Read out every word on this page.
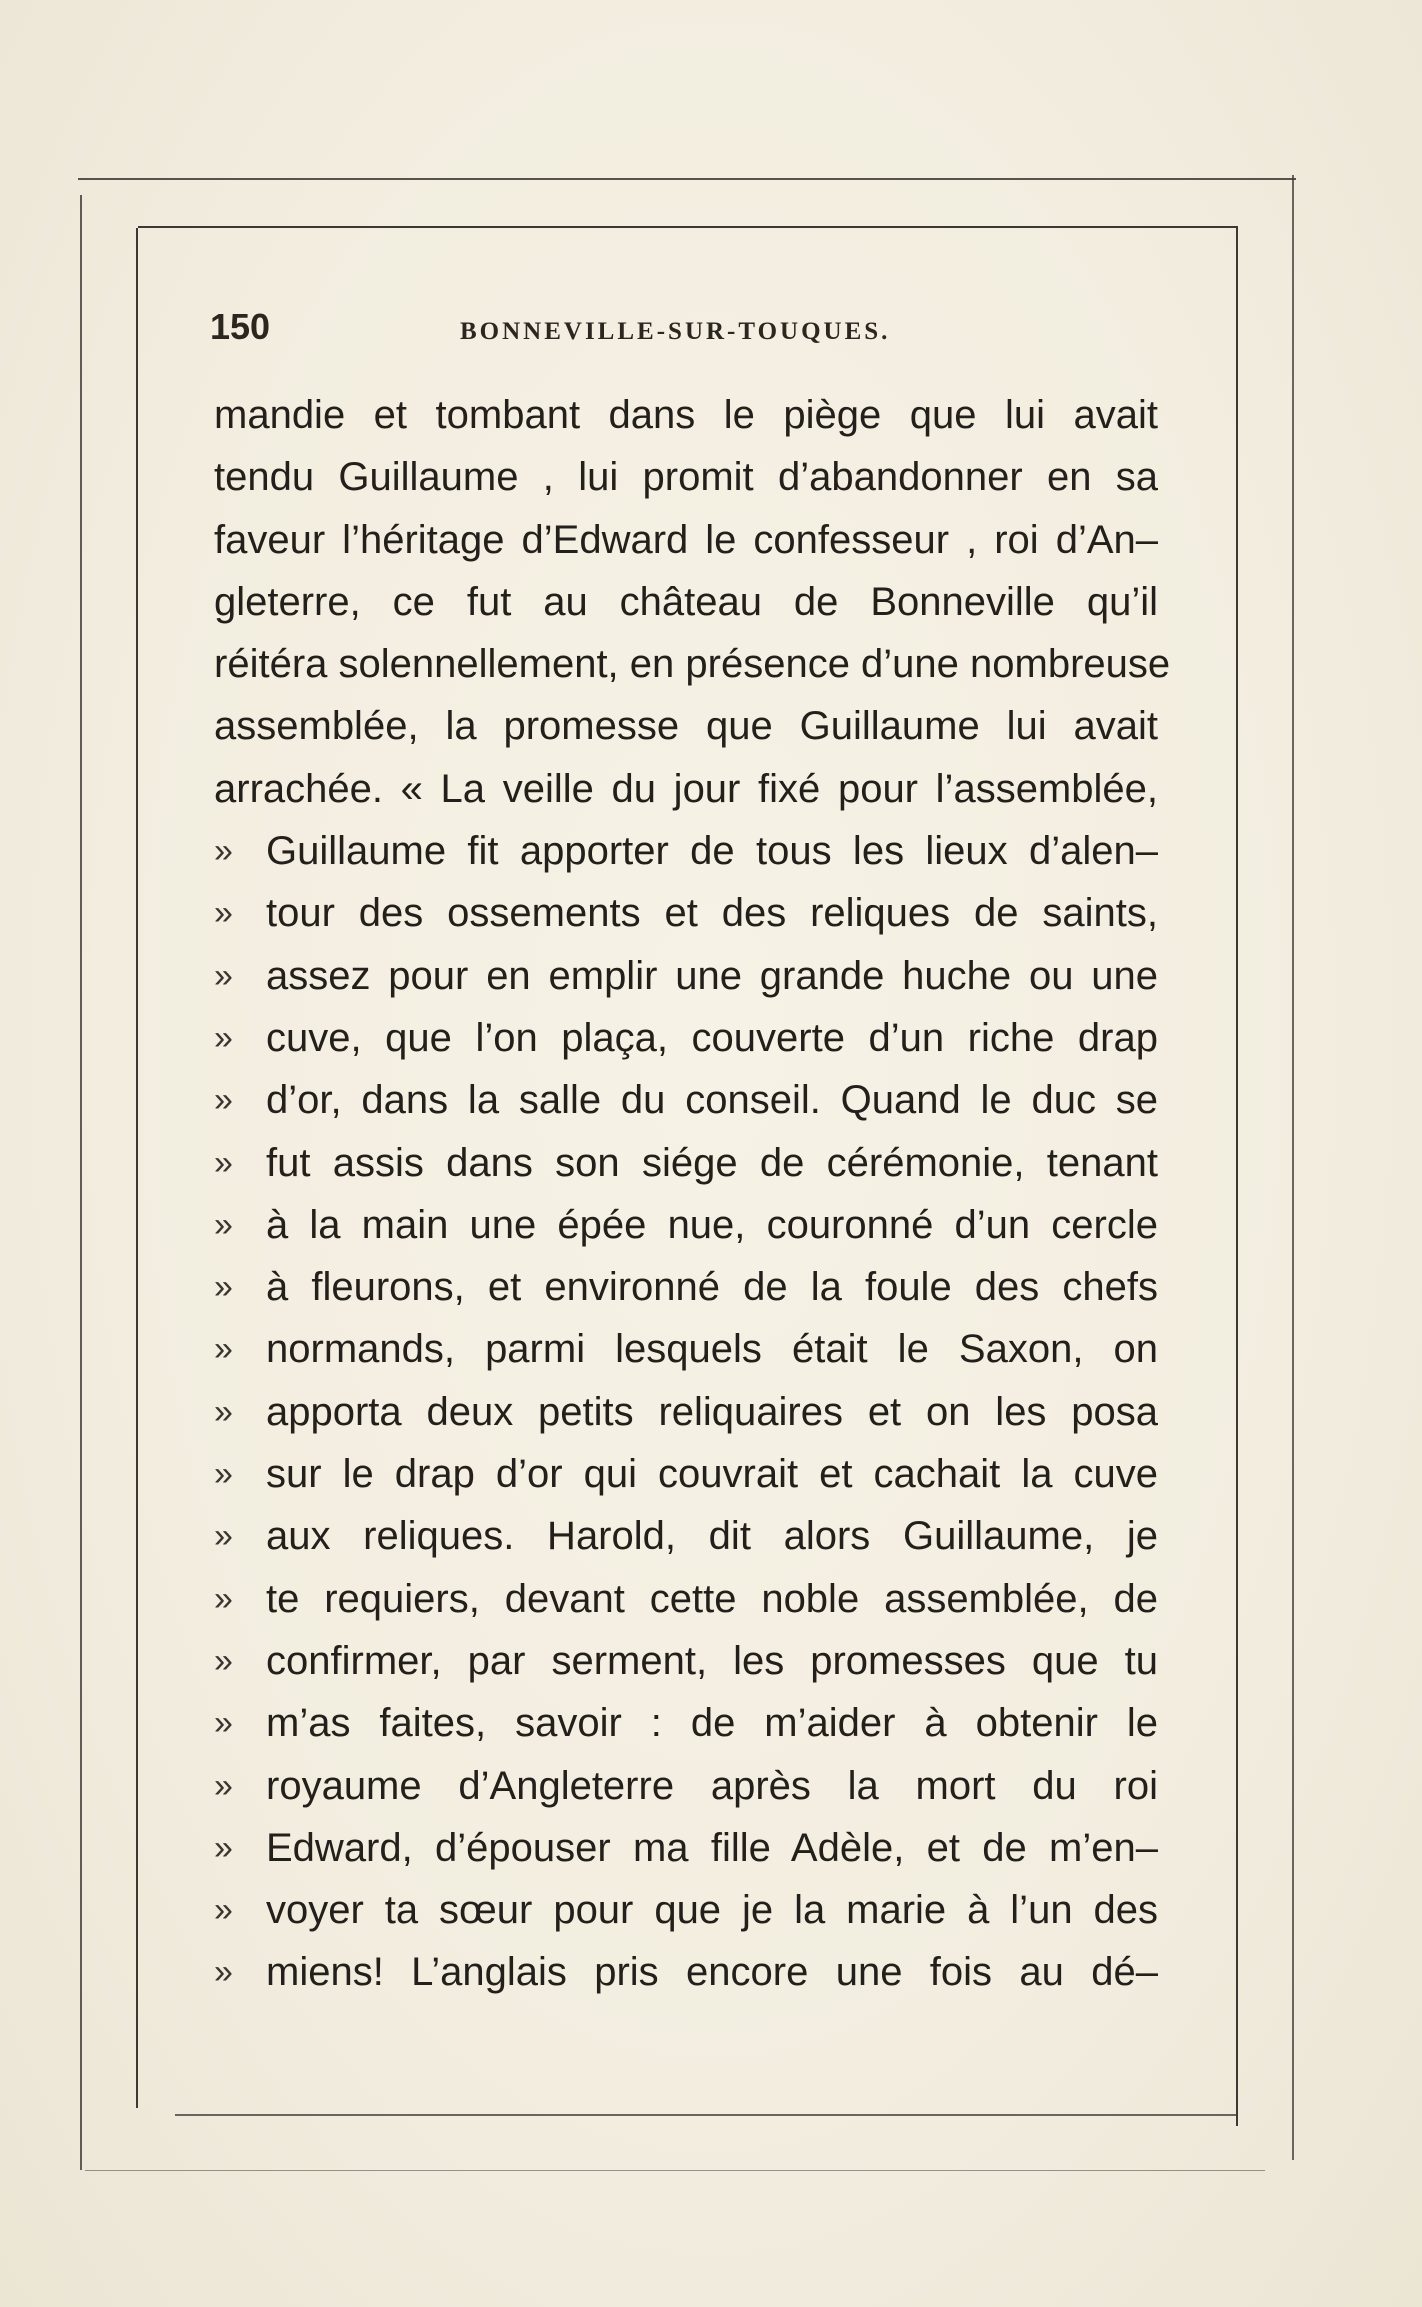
150	BONNEVILLE-SUR-TOUQUES.
mandie et tombant dans le piège que lui avait
tendu Guillaume , lui promit d’abandonner en sa
faveur l’héritage d’Edward le confesseur , roi d’An–
gleterre, ce fut au château de Bonneville qu’il
réitéra solennellement, en présence d’une nombreuse
assemblée, la promesse que Guillaume lui avait
arrachée. « La veille du jour fixé pour l’assemblée,
» Guillaume fit apporter de tous les lieux d’alen–
» tour des ossements et des reliques de saints,
» assez pour en emplir une grande huche ou une
» cuve, que l’on plaça, couverte d’un riche drap
» d’or, dans la salle du conseil. Quand le duc se
» fut assis dans son siége de cérémonie, tenant
» à la main une épée nue, couronné d’un cercle
» à fleurons, et environné de la foule des chefs
» normands, parmi lesquels était le Saxon, on
» apporta deux petits reliquaires et on les posa
» sur le drap d’or qui couvrait et cachait la cuve
» aux reliques. Harold, dit alors Guillaume, je
» te requiers, devant cette noble assemblée, de
» confirmer, par serment, les promesses que tu
» m’as faites, savoir : de m’aider à obtenir le
» royaume d’Angleterre après la mort du roi
» Edward, d’épouser ma fille Adèle, et de m’en–
» voyer ta sœur pour que je la marie à l’un des
» miens! L’anglais pris encore une fois au dé–
